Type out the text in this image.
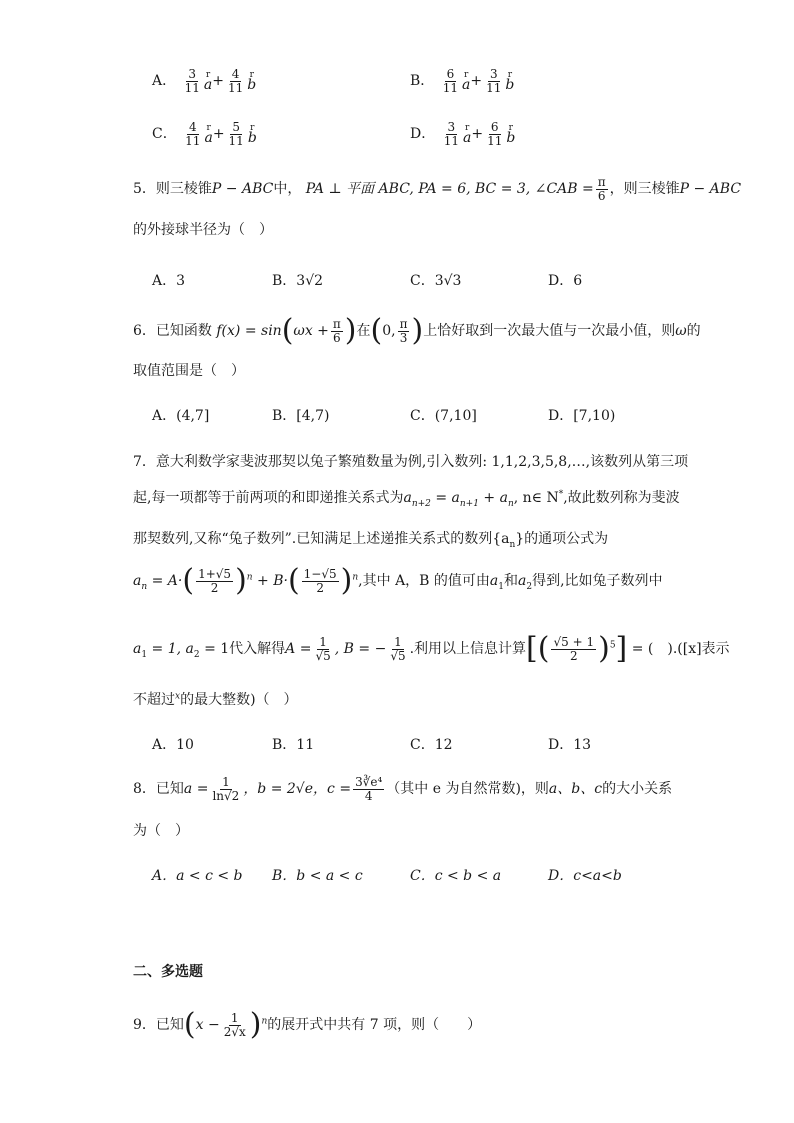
A． $\frac{3}{11}$ r
$a + \frac{4}{11}$ r
b	B． $\frac{6}{11}$ r
$a + \frac{3}{11}$ r
b
C． $\frac{4}{11}$ r
$a + \frac{5}{11}$ r
b	D． $\frac{3}{11}$ r
$a + \frac{6}{11}$ r
b
5．则三棱锥P − ABC中， PA ⊥ 平面 ABC, PA = 6, BC = 3, ∠CAB = $\frac{\pi}{6}$ ，则三棱锥P − ABC
的外接球半径为（　）
A．3	B．3√2	C．3√3	D．6
6．已知函数 $f(x) = \sin(\omega x + \frac{\pi}{6}$ )在(0, $\frac{\pi}{3}$ )上恰好取到一次最大值与一次最小值，则ω的
取值范围是（　）
A．(4,7]	B．[4,7)	C．(7,10]	D．[7,10)
7．意大利数学家斐波那契以兔子繁殖数量为例,引入数列: 1,1,2,3,5,8,…,该数列从第三项
起,每一项都等于前两项的和即递推关系式为$a_{n+2} = a_{n+1} + a_n$, n∈ N*,故此数列称为斐波
那契数列,又称“兔子数列”.已知满足上述递推关系式的数列$\{a_n\}$的通项公式为
$a_n = A\cdot( \frac{1+√5}{2} )^n + B\cdot( \frac{1-√5}{2} )^n$,其中 A，B 的值可由$a_1$和$a_2$得到,比如兔子数列中
$a_1 = 1$, $a_2 = 1$代入解得$A = \frac{1}{√5}$ , B = − $\frac{1}{√5}$ .利用以上信息计算[( $\frac{√5 + 1}{2} )^5$] = (　).([x]表示
不超过$^x$的最大整数)（　）
A．10	B．11	C．12	D．13
8．已知$a = \frac{1}{\ln√2}$ ，b = 2√e，$c = \frac{\text{3∛e⁴}}{4}$ （其中 e 为自然常数)，则a、b、c的大小关系
为（　）
A．a < c < b B．b < a < c	C．c < b < a	D．c<a<b
二、多选题
9．已知$(x - \frac{1}{2√x} )^n$的展开式中共有 7 项，则（　　）
